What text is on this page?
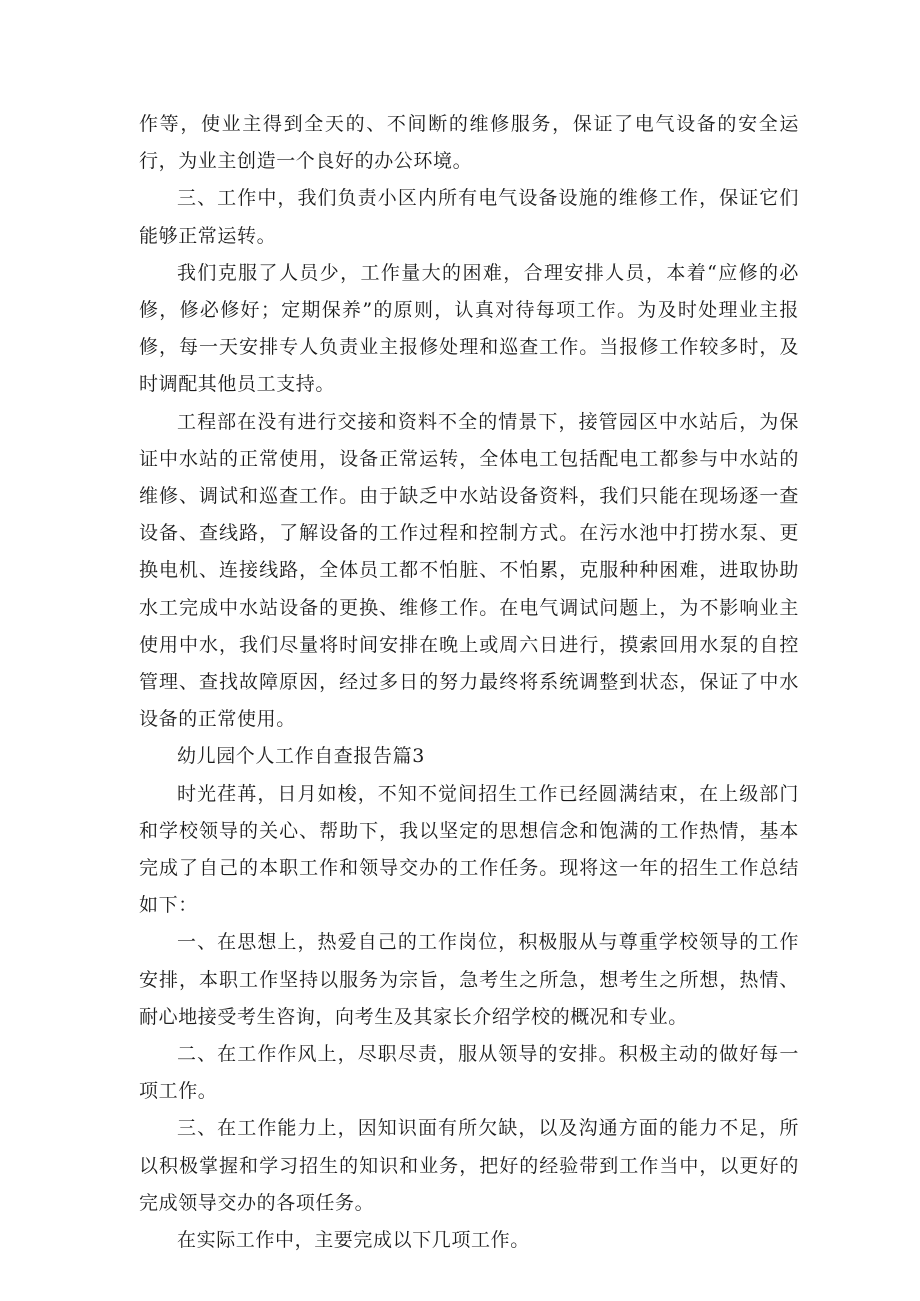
作等，使业主得到全天的、不间断的维修服务，保证了电气设备的安全运行，为业主创造一个良好的办公环境。

三、工作中，我们负责小区内所有电气设备设施的维修工作，保证它们能够正常运转。

我们克服了人员少，工作量大的困难，合理安排人员，本着“应修的必修，修必修好；定期保养”的原则，认真对待每项工作。为及时处理业主报修，每一天安排专人负责业主报修处理和巡查工作。当报修工作较多时，及时调配其他员工支持。

工程部在没有进行交接和资料不全的情景下，接管园区中水站后，为保证中水站的正常使用，设备正常运转，全体电工包括配电工都参与中水站的维修、调试和巡查工作。由于缺乏中水站设备资料，我们只能在现场逐一查设备、查线路，了解设备的工作过程和控制方式。在污水池中打捞水泵、更换电机、连接线路，全体员工都不怕脏、不怕累，克服种种困难，进取协助水工完成中水站设备的更换、维修工作。在电气调试问题上，为不影响业主使用中水，我们尽量将时间安排在晚上或周六日进行，摸索回用水泵的自控管理、查找故障原因，经过多日的努力最终将系统调整到状态，保证了中水设备的正常使用。

幼儿园个人工作自查报告篇3

时光荏苒，日月如梭，不知不觉间招生工作已经圆满结束，在上级部门和学校领导的关心、帮助下，我以坚定的思想信念和饱满的工作热情，基本完成了自己的本职工作和领导交办的工作任务。现将这一年的招生工作总结如下：

一、在思想上，热爱自己的工作岗位，积极服从与尊重学校领导的工作安排，本职工作坚持以服务为宗旨，急考生之所急，想考生之所想，热情、耐心地接受考生咨询，向考生及其家长介绍学校的概况和专业。

二、在工作作风上，尽职尽责，服从领导的安排。积极主动的做好每一项工作。

三、在工作能力上，因知识面有所欠缺，以及沟通方面的能力不足，所以积极掌握和学习招生的知识和业务，把好的经验带到工作当中，以更好的完成领导交办的各项任务。

在实际工作中，主要完成以下几项工作。
